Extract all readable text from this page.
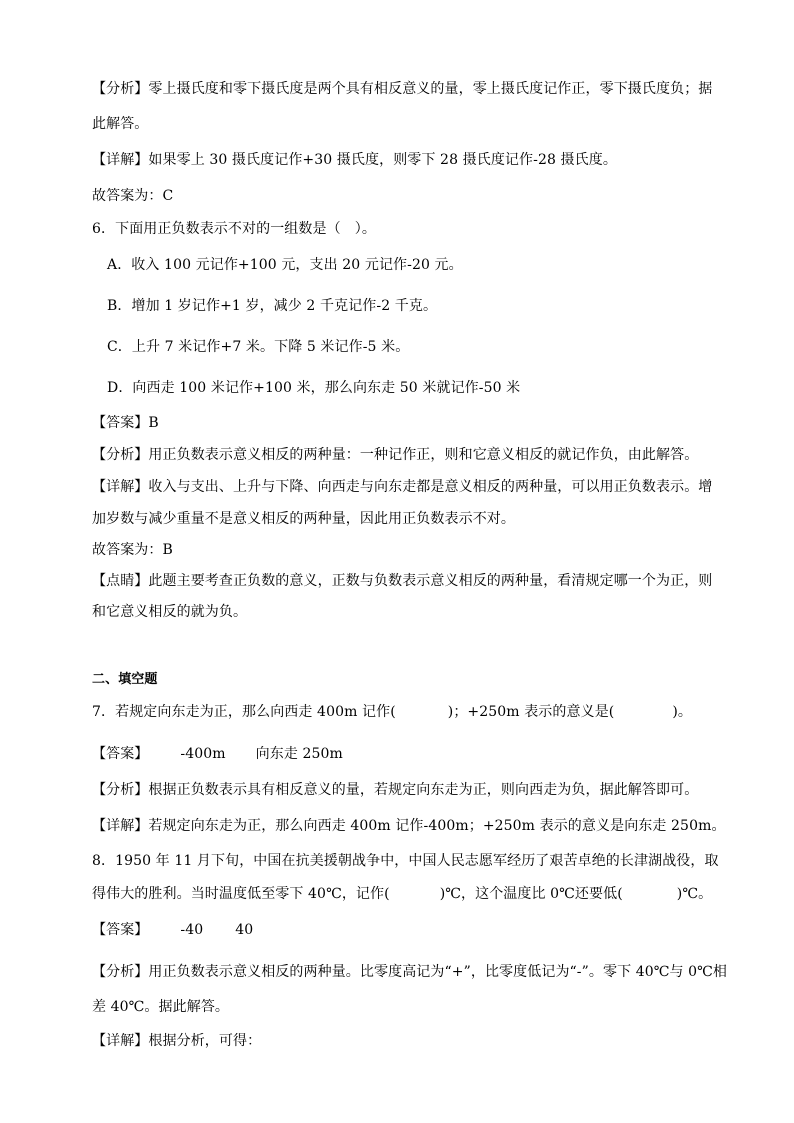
【分析】零上摄氏度和零下摄氏度是两个具有相反意义的量，零上摄氏度记作正，零下摄氏度负；据
此解答。
【详解】如果零上 30 摄氏度记作+30 摄氏度，则零下 28 摄氏度记作-28 摄氏度。
故答案为：C
6．下面用正负数表示不对的一组数是（　）。
A．收入 100 元记作+100 元，支出 20 元记作-20 元。
B．增加 1 岁记作+1 岁，减少 2 千克记作-2 千克。
C．上升 7 米记作+7 米。下降 5 米记作-5 米。
D．向西走 100 米记作+100 米，那么向东走 50 米就记作-50 米
【答案】B
【分析】用正负数表示意义相反的两种量：一种记作正，则和它意义相反的就记作负，由此解答。
【详解】收入与支出、上升与下降、向西走与向东走都是意义相反的两种量，可以用正负数表示。增
加岁数与减少重量不是意义相反的两种量，因此用正负数表示不对。
故答案为：B
【点睛】此题主要考查正负数的意义，正数与负数表示意义相反的两种量，看清规定哪一个为正，则
和它意义相反的就为负。
二、填空题
7．若规定向东走为正，那么向西走 400m 记作(	)；+250m 表示的意义是(	)。
【答案】 -400m 向东走 250m
【分析】根据正负数表示具有相反意义的量，若规定向东走为正，则向西走为负，据此解答即可。
【详解】若规定向东走为正，那么向西走 400m 记作-400m；+250m 表示的意义是向东走 250m。
8．1950 年 11 月下旬，中国在抗美援朝战争中，中国人民志愿军经历了艰苦卓绝的长津湖战役，取
得伟大的胜利。当时温度低至零下 40℃，记作(	)℃，这个温度比 0℃还要低(	)℃。
【答案】 -40 40
【分析】用正负数表示意义相反的两种量。比零度高记为“+”，比零度低记为“-”。零下 40℃与 0℃相
差 40℃。据此解答。
【详解】根据分析，可得：
